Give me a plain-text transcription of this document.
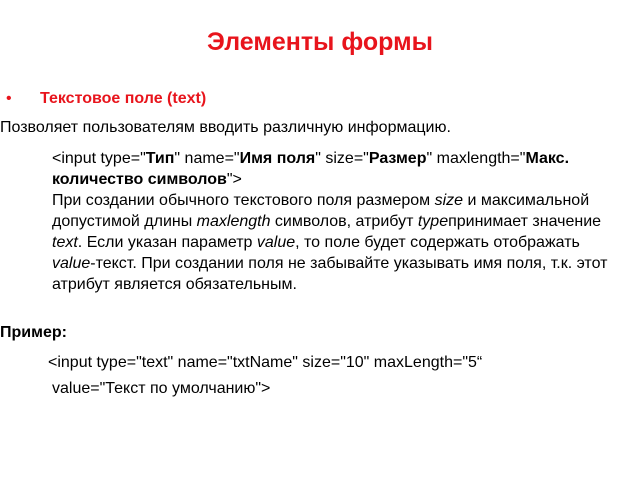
Элементы формы
• Текстовое поле (text)
Позволяет пользователям вводить различную информацию.
<input type="Тип" name="Имя поля" size="Размер" maxlength="Макс. количество символов">
При создании обычного текстового поля размером size и максимальной допустимой длины maxlength символов, атрибут typeпринимает значение text. Если указан параметр value, то поле будет содержать отображать value-текст. При создании поля не забывайте указывать имя поля, т.к. этот атрибут является обязательным.
Пример:
<input type="text" name="txtName" size="10" maxLength="5“
value="Текст по умолчанию">
